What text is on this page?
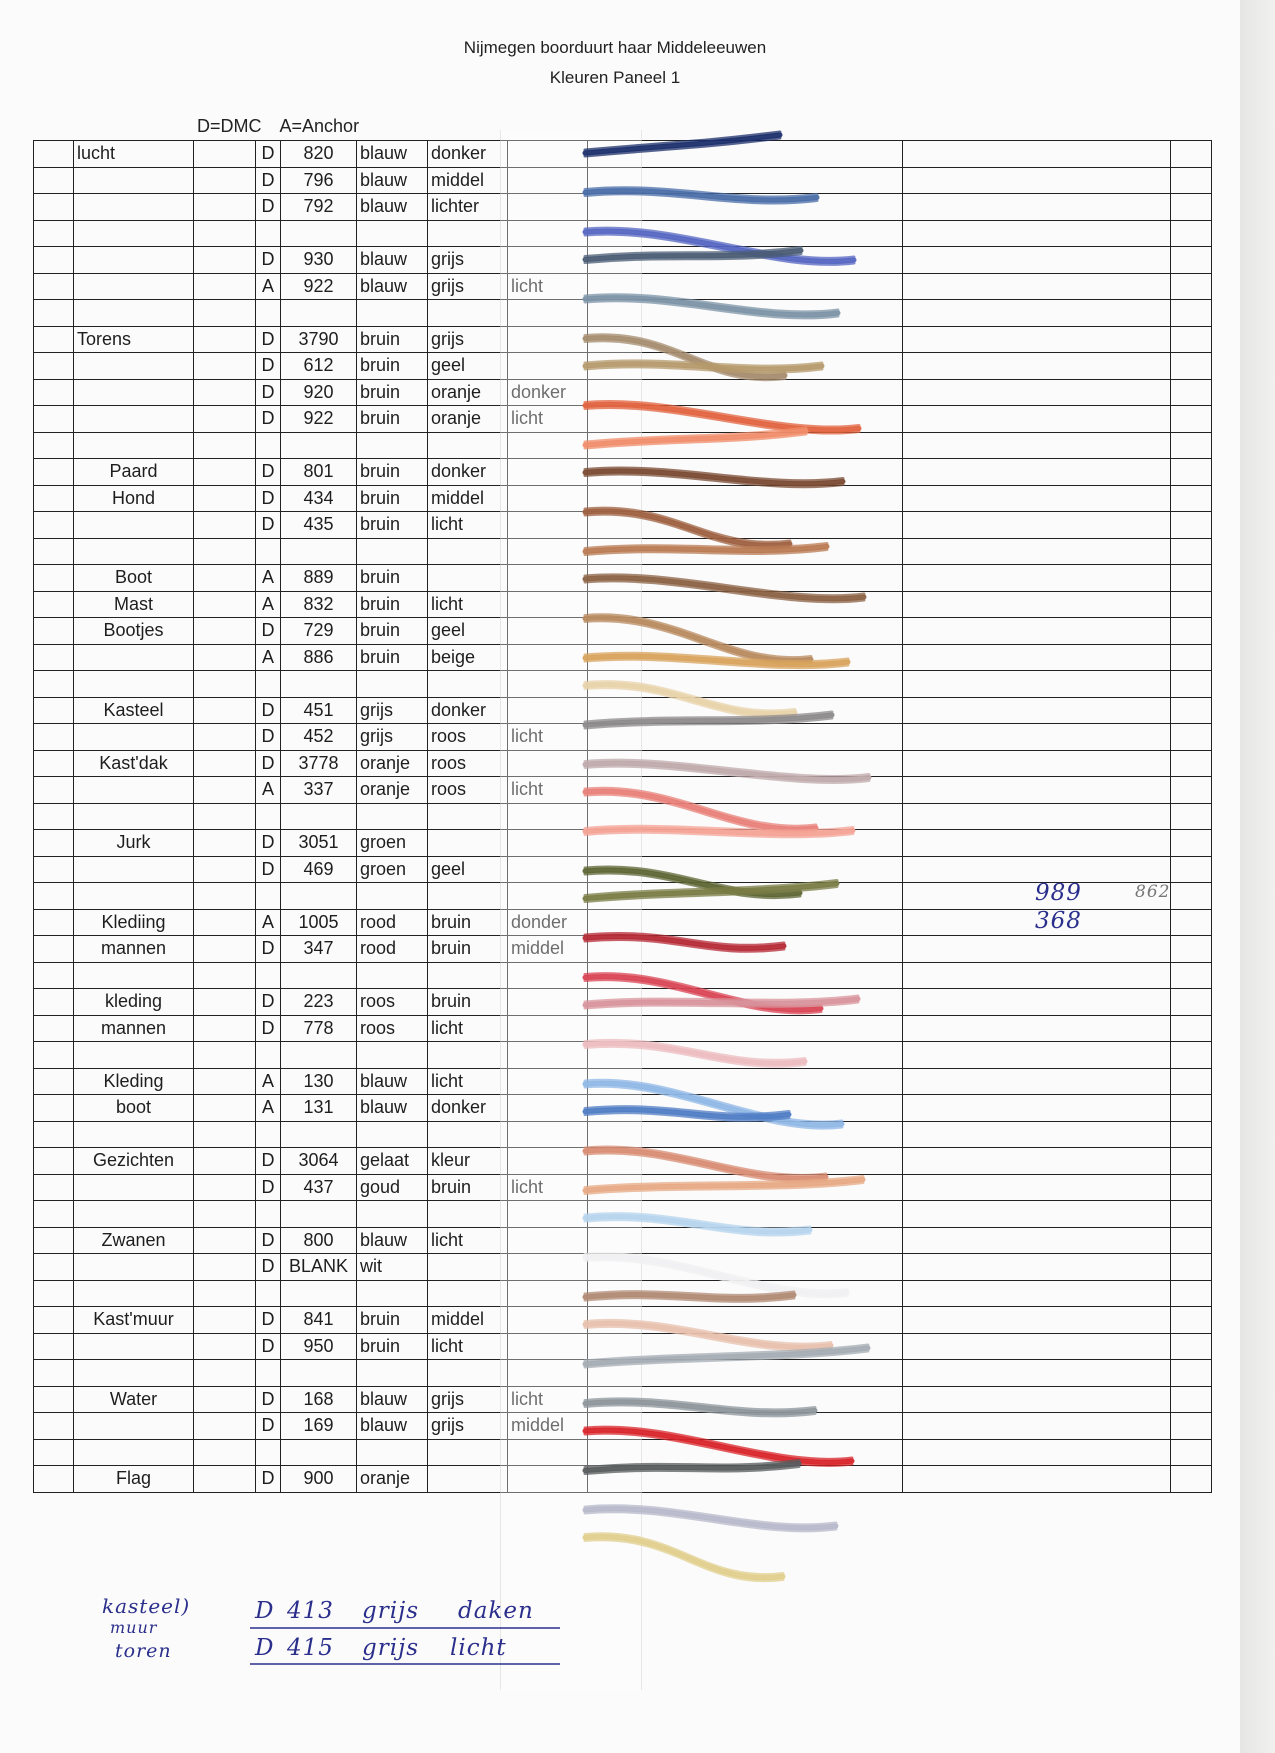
Nijmegen boorduurt haar Middeleeuwen
Kleuren Paneel 1
D=DMC A=Anchor
	lucht		D	820	blauw	donker				
			D	796	blauw	middel				
			D	792	blauw	lichter				

			D	930	blauw	grijs				
			A	922	blauw	grijs	licht			

	Torens		D	3790	bruin	grijs				
			D	612	bruin	geel				
			D	920	bruin	oranje	donker			
			D	922	bruin	oranje	licht			

	Paard		D	801	bruin	donker				
	Hond		D	434	bruin	middel				
			D	435	bruin	licht				

	Boot		A	889	bruin					
	Mast		A	832	bruin	licht				
	Bootjes		D	729	bruin	geel				
			A	886	bruin	beige				

	Kasteel		D	451	grijs	donker				
			D	452	grijs	roos	licht			
	Kast'dak		D	3778	oranje	roos				
			A	337	oranje	roos	licht			

	Jurk		D	3051	groen					
			D	469	groen	geel				

	Klediing		A	1005	rood	bruin	donder			
	mannen		D	347	rood	bruin	middel			

	kleding		D	223	roos	bruin				
	mannen		D	778	roos	licht				

	Kleding		A	130	blauw	licht				
	boot		A	131	blauw	donker				

	Gezichten		D	3064	gelaat	kleur				
			D	437	goud	bruin	licht			

	Zwanen		D	800	blauw	licht				
			D	BLANK	wit					

	Kast'muur		D	841	bruin	middel				
			D	950	bruin	licht				

	Water		D	168	blauw	grijs	licht			
			D	169	blauw	grijs	middel			

	Flag		D	900	oranje					
989
368
862
kasteel)
muur
toren
D 413 grijs daken
D 415 grijs licht
